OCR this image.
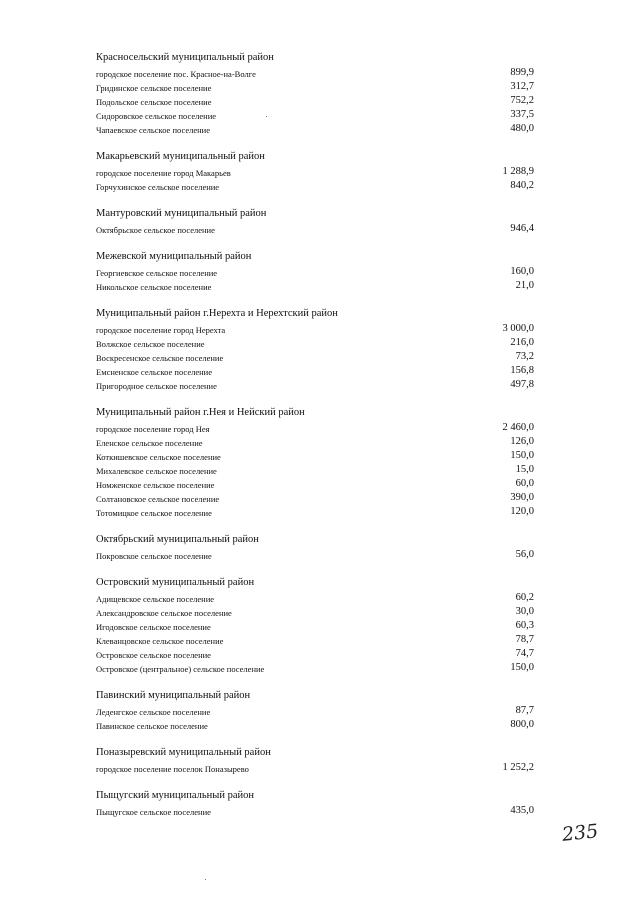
Красносельский муниципальный район
городское поселение пос. Красное-на-Волге	899,9
Гридинское сельское поселение	312,7
Подольское сельское поселение	752,2
Сидоровское сельское поселение	337,5
Чапаевское сельское поселение	480,0
Макарьевский муниципальный район
городское поселение город Макарьев	1 288,9
Горчухинское сельское поселение	840,2
Мантуровский муниципальный район
Октябрьское сельское поселение	946,4
Межевской муниципальный район
Георгиевское сельское поселение	160,0
Никольское сельское поселение	21,0
Муниципальный район г.Нерехта и Нерехтский район
городское поселение город Нерехта	3 000,0
Волжское сельское поселение	216,0
Воскресенское сельское поселение	73,2
Емсненское сельское поселение	156,8
Пригородное сельское поселение	497,8
Муниципальный район г.Нея и Нейский район
городское поселение город Нея	2 460,0
Еленское сельское поселение	126,0
Коткишевское сельское поселение	150,0
Михалевское сельское поселение	15,0
Номженское сельское поселение	60,0
Солтановское сельское поселение	390,0
Тотомицкое сельское поселение	120,0
Октябрьский муниципальный район
Покровское сельское поселение	56,0
Островский муниципальный район
Адищевское сельское поселение	60,2
Александровское сельское поселение	30,0
Игодовское сельское поселение	60,3
Клеванцовское сельское поселение	78,7
Островское сельское поселение	74,7
Островское (центральное) сельское поселение	150,0
Павинский муниципальный район
Леденгское сельское поселение	87,7
Павинское сельское поселение	800,0
Поназыревский муниципальный район
городское поселение поселок Поназырево	1 252,2
Пыщугский муниципальный район
Пыщугское сельское поселение	435,0
235
